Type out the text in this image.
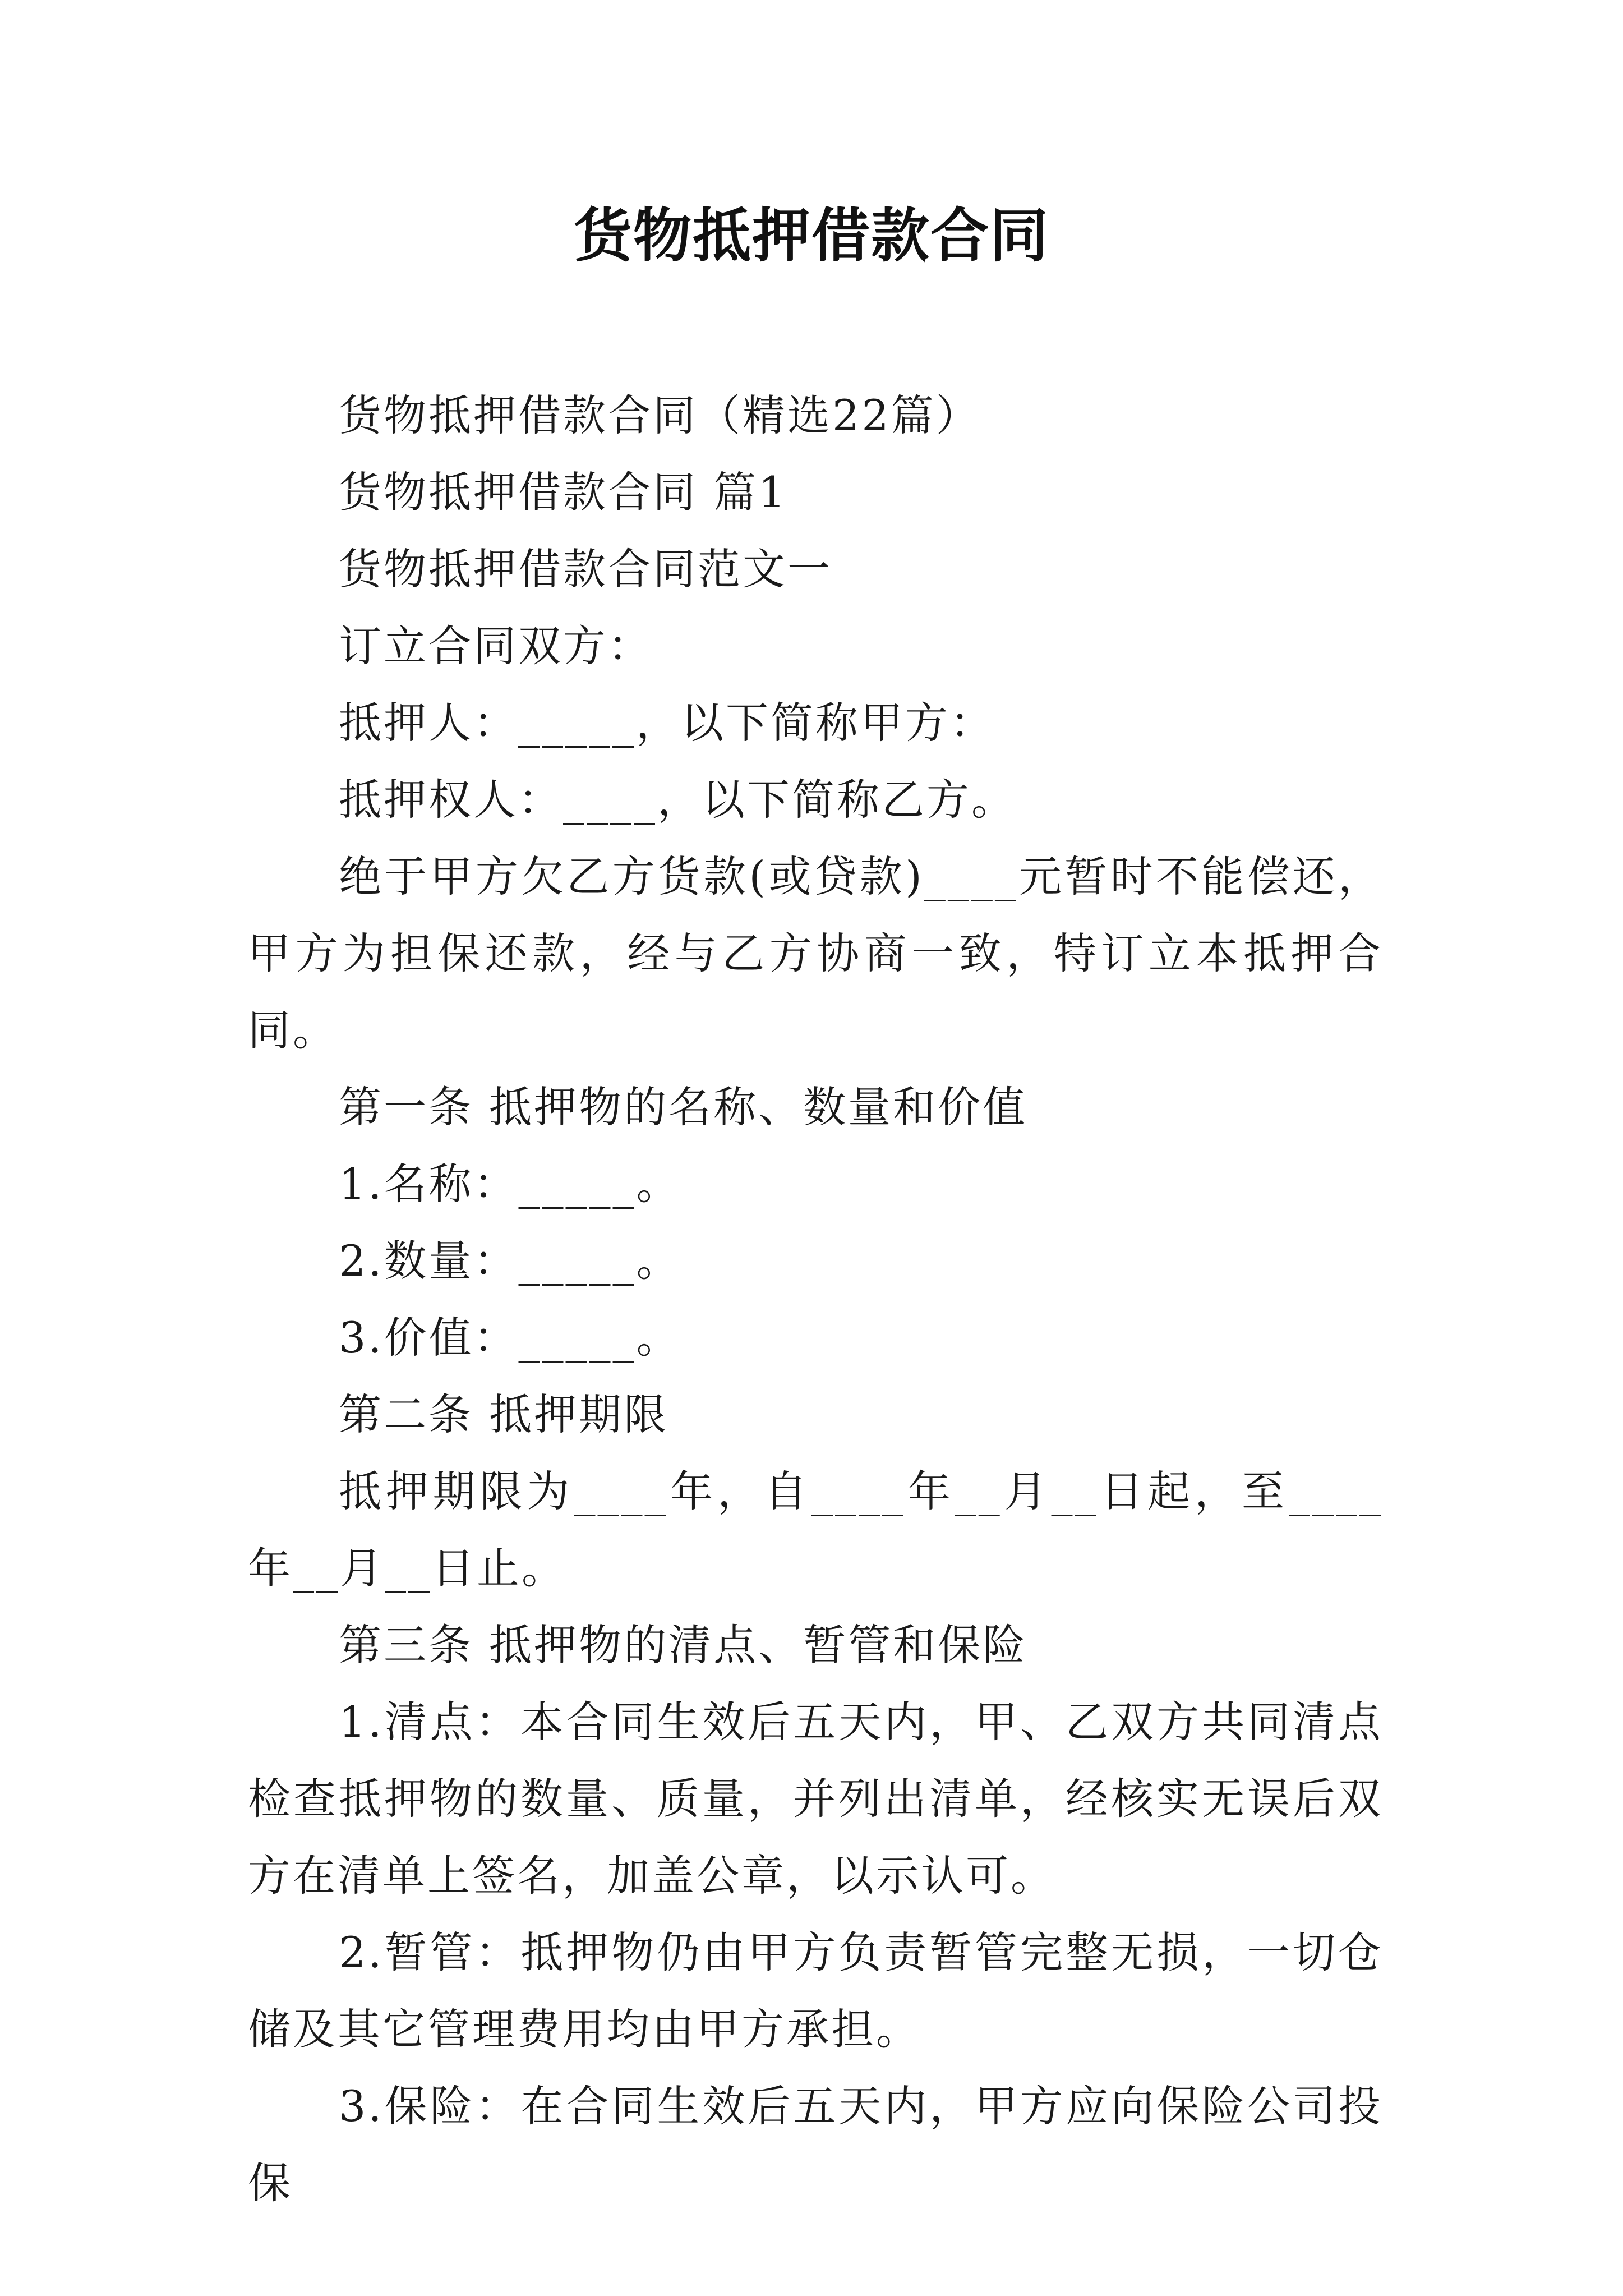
货物抵押借款合同

货物抵押借款合同（精选22篇）

货物抵押借款合同 篇1

货物抵押借款合同范文一

订立合同双方：

抵押人：_____，以下简称甲方：

抵押权人：____，以下简称乙方。

绝于甲方欠乙方货款(或贷款)____元暂时不能偿还，甲方为担保还款，经与乙方协商一致，特订立本抵押合同。

第一条 抵押物的名称、数量和价值

1.名称：_____。

2.数量：_____。

3.价值：_____。

第二条 抵押期限

抵押期限为____年，自____年__月__日起，至____年__月__日止。

第三条 抵押物的清点、暂管和保险

1.清点：本合同生效后五天内，甲、乙双方共同清点检查抵押物的数量、质量，并列出清单，经核实无误后双方在清单上签名，加盖公章，以示认可。

2.暂管：抵押物仍由甲方负责暂管完整无损，一切仓储及其它管理费用均由甲方承担。

3.保险：在合同生效后五天内，甲方应向保险公司投保
